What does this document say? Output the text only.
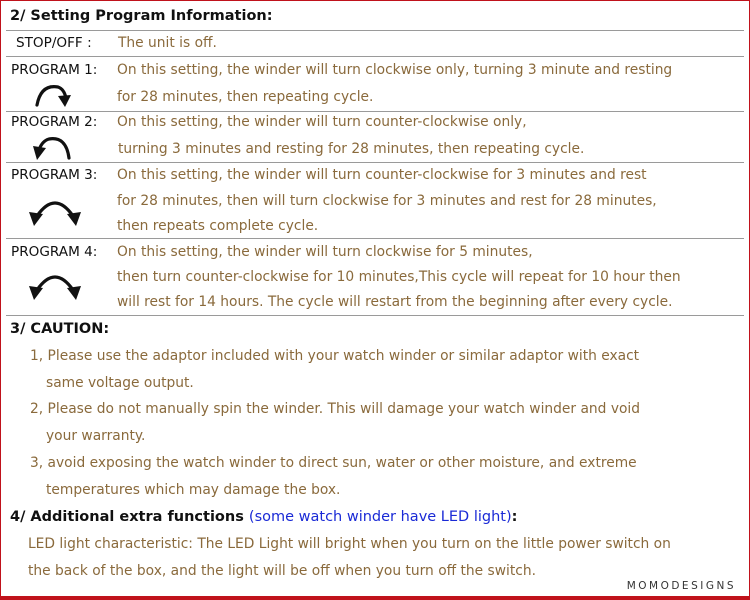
2/ Setting Program Information:
STOP/OFF : The unit is off.
PROGRAM 1: On this setting, the winder will turn clockwise only, turning 3 minute and resting
for 28 minutes, then repeating cycle.
PROGRAM 2: On this setting, the winder will turn counter-clockwise only,
turning 3 minutes and resting for 28 minutes, then repeating cycle.
PROGRAM 3: On this setting, the winder will turn counter-clockwise for 3 minutes and rest
for 28 minutes, then will turn clockwise for 3 minutes and rest for 28 minutes,
then repeats complete cycle.
PROGRAM 4: On this setting, the winder will turn clockwise for 5 minutes,
then turn counter-clockwise for 10 minutes,This cycle will repeat for 10 hour then
will rest for 14 hours. The cycle will restart from the beginning after every cycle.
3/ CAUTION:
1, Please use the adaptor included with your watch winder or similar adaptor with exact
same voltage output.
2, Please do not manually spin the winder. This will damage your watch winder and void
your warranty.
3, avoid exposing the watch winder to direct sun, water or other moisture, and extreme
temperatures which may damage the box.
4/ Additional extra functions (some watch winder have LED light):
LED light characteristic: The LED Light will bright when you turn on the little power switch on
the back of the box, and the light will be off when you turn off the switch.
MOMODESIGNS
